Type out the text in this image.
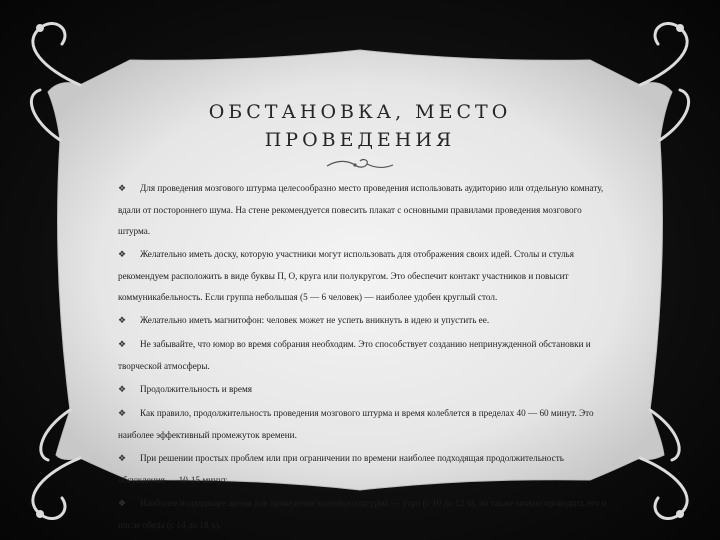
ОБСТАНОВКА, МЕСТО
ПРОВЕДЕНИЯ
❖ Для проведения мозгового штурма целесообразно место проведения использовать аудиторию или отдельную комнату, вдали от постороннего шума. На стене рекомендуется повесить плакат с основными правилами проведения мозгового штурма.
❖ Желательно иметь доску, которую участники могут использовать для отображения своих идей. Столы и стулья рекомендуем расположить в виде буквы П, О, круга или полукругом. Это обеспечит контакт участников и повысит коммуникабельность. Если группа небольшая (5 — 6 человек) — наиболее удобен круглый стол.
❖ Желательно иметь магнитофон: человек может не успеть вникнуть в идею и упустить ее.
❖ Не забывайте, что юмор во время собрания необходим. Это способствует созданию непринужденной обстановки и творческой атмосферы.
❖ Продолжительность и время
❖ Как правило, продолжительность проведения мозгового штурма и время колеблется в пределах 40 — 60 минут. Это наиболее эффективный промежуток времени.
❖ При решении простых проблем или при ограничении по времени наиболее подходящая продолжительность обсуждения — 10-15 минут.
❖ Наиболее подходящее время для проведения мозгового штурма — утро (с 10 до 12 ч), но также можно проводить его и после обеда (с 14 до 18 ч).
